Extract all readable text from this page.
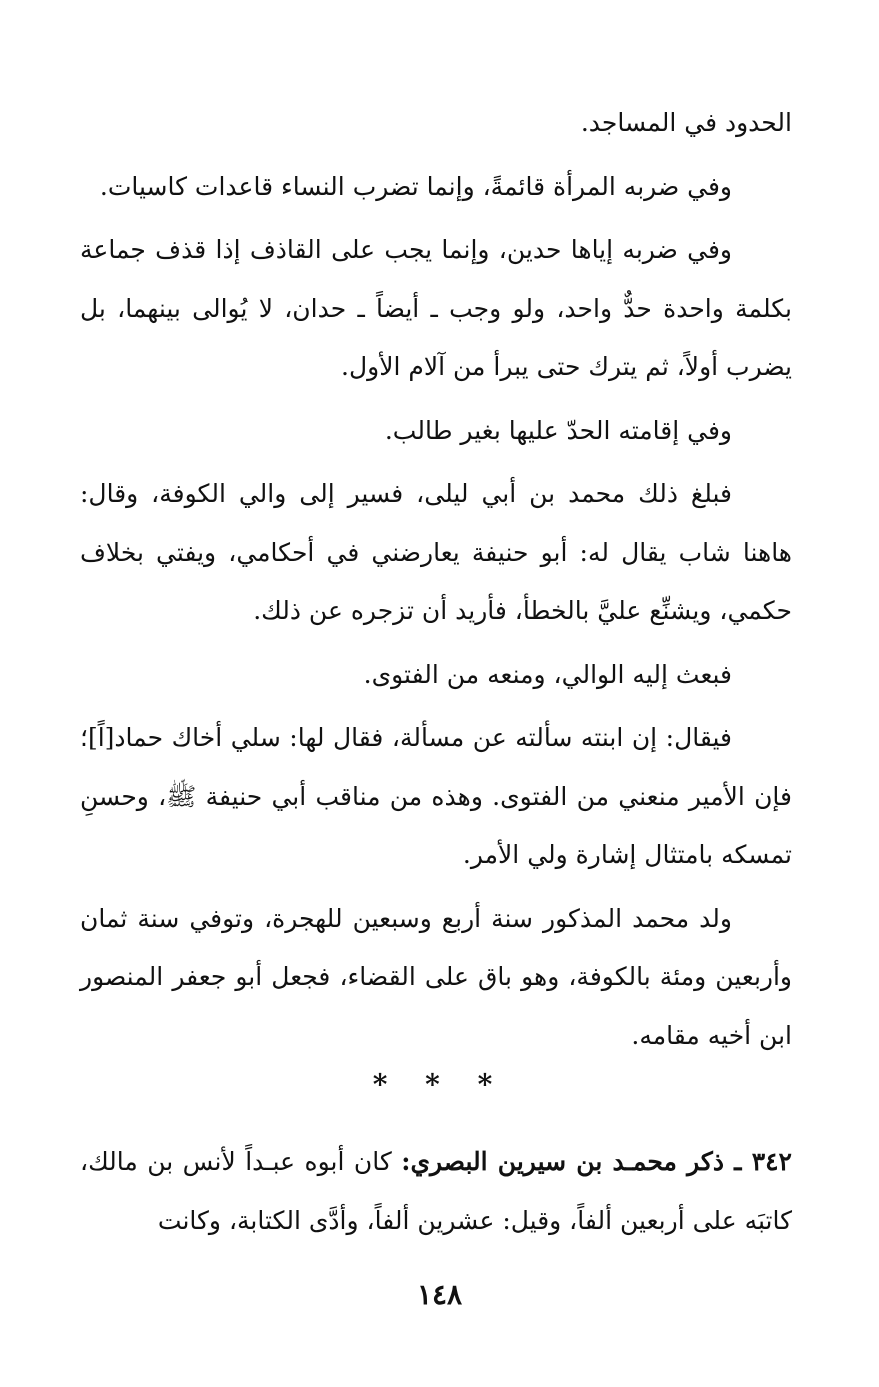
الحدود في المساجد.

وفي ضربه المرأة قائمةً، وإنما تضرب النساء قاعدات كاسيات.

وفي ضربه إياها حدين، وإنما يجب على القاذف إذا قذف جماعة بكلمة واحدة حدٌّ واحد، ولو وجب ـ أيضاً ـ حدان، لا يُوالى بينهما، بل يضرب أولاً، ثم يترك حتى يبرأ من آلام الأول.

وفي إقامته الحدّ عليها بغير طالب.

فبلغ ذلك محمد بن أبي ليلى، فسير إلى والي الكوفة، وقال: هاهنا شاب يقال له: أبو حنيفة يعارضني في أحكامي، ويفتي بخلاف حكمي، ويشنِّع عليَّ بالخطأ، فأريد أن تزجره عن ذلك.

فبعث إليه الوالي، ومنعه من الفتوى.

فيقال: إن ابنته سألته عن مسألة، فقال لها: سلي أخاك حماد[اً]؛ فإن الأمير منعني من الفتوى. وهذه من مناقب أبي حنيفة ﷺ، وحسنِ تمسكه بامتثال إشارة ولي الأمر.

ولد محمد المذكور سنة أربع وسبعين للهجرة، وتوفي سنة ثمان وأربعين ومئة بالكوفة، وهو باق على القضاء، فجعل أبو جعفر المنصور ابن أخيه مقامه.

* * *
٣٤٢ ـ ذكر محمـد بن سيرين البصري: كان أبوه عبـداً لأنس بن مالك، كاتبَه على أربعين ألفاً، وقيل: عشرين ألفاً، وأدَّى الكتابة، وكانت
١٤٨
